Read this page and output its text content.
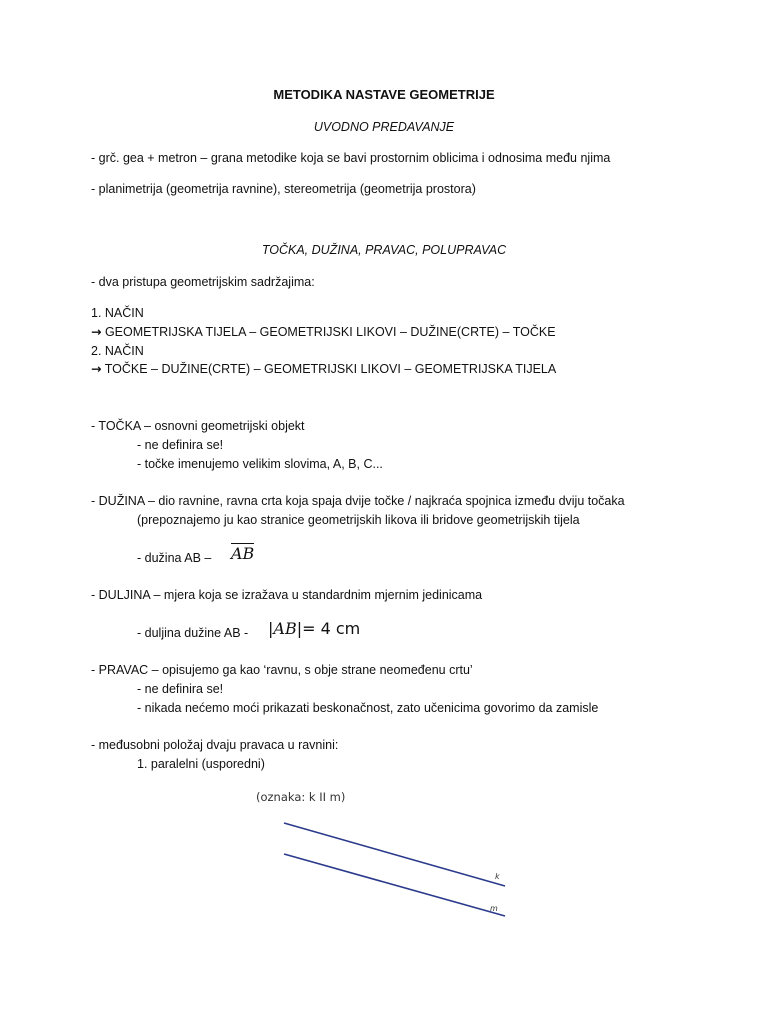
METODIKA NASTAVE GEOMETRIJE
UVODNO PREDAVANJE
- grč. gea + metron – grana metodike koja se bavi prostornim oblicima i odnosima među njima
- planimetrija (geometrija ravnine), stereometrija (geometrija prostora)
TOČKA, DUŽINA, PRAVAC, POLUPRAVAC
- dva pristupa geometrijskim sadržajima:
1. NAČIN
→ GEOMETRIJSKA TIJELA – GEOMETRIJSKI LIKOVI – DUŽINE(CRTE) – TOČKE
2. NAČIN
→ TOČKE – DUŽINE(CRTE) – GEOMETRIJSKI LIKOVI – GEOMETRIJSKA TIJELA
- TOČKA – osnovni geometrijski objekt
- ne definira se!
- točke imenujemo velikim slovima, A, B, C...
- DUŽINA – dio ravnine, ravna crta koja spaja dvije točke / najkraća spojnica između dviju točaka
(prepoznajemo ju kao stranice geometrijskih likova ili bridove geometrijskih tijela
- dužina AB – AB
- DULJINA – mjera koja se izražava u standardnim mjernim jedinicama
- duljina dužine AB - |AB|= 4 cm
- PRAVAC – opisujemo ga kao ‘ravnu, s obje strane neomeđenu crtu’
- ne definira se!
- nikada nećemo moći prikazati beskonačnost, zato učenicima govorimo da zamisle
- međusobni položaj dvaju pravaca u ravnini:
1. paralelni (usporedni)
(oznaka: k II m)
k
m
